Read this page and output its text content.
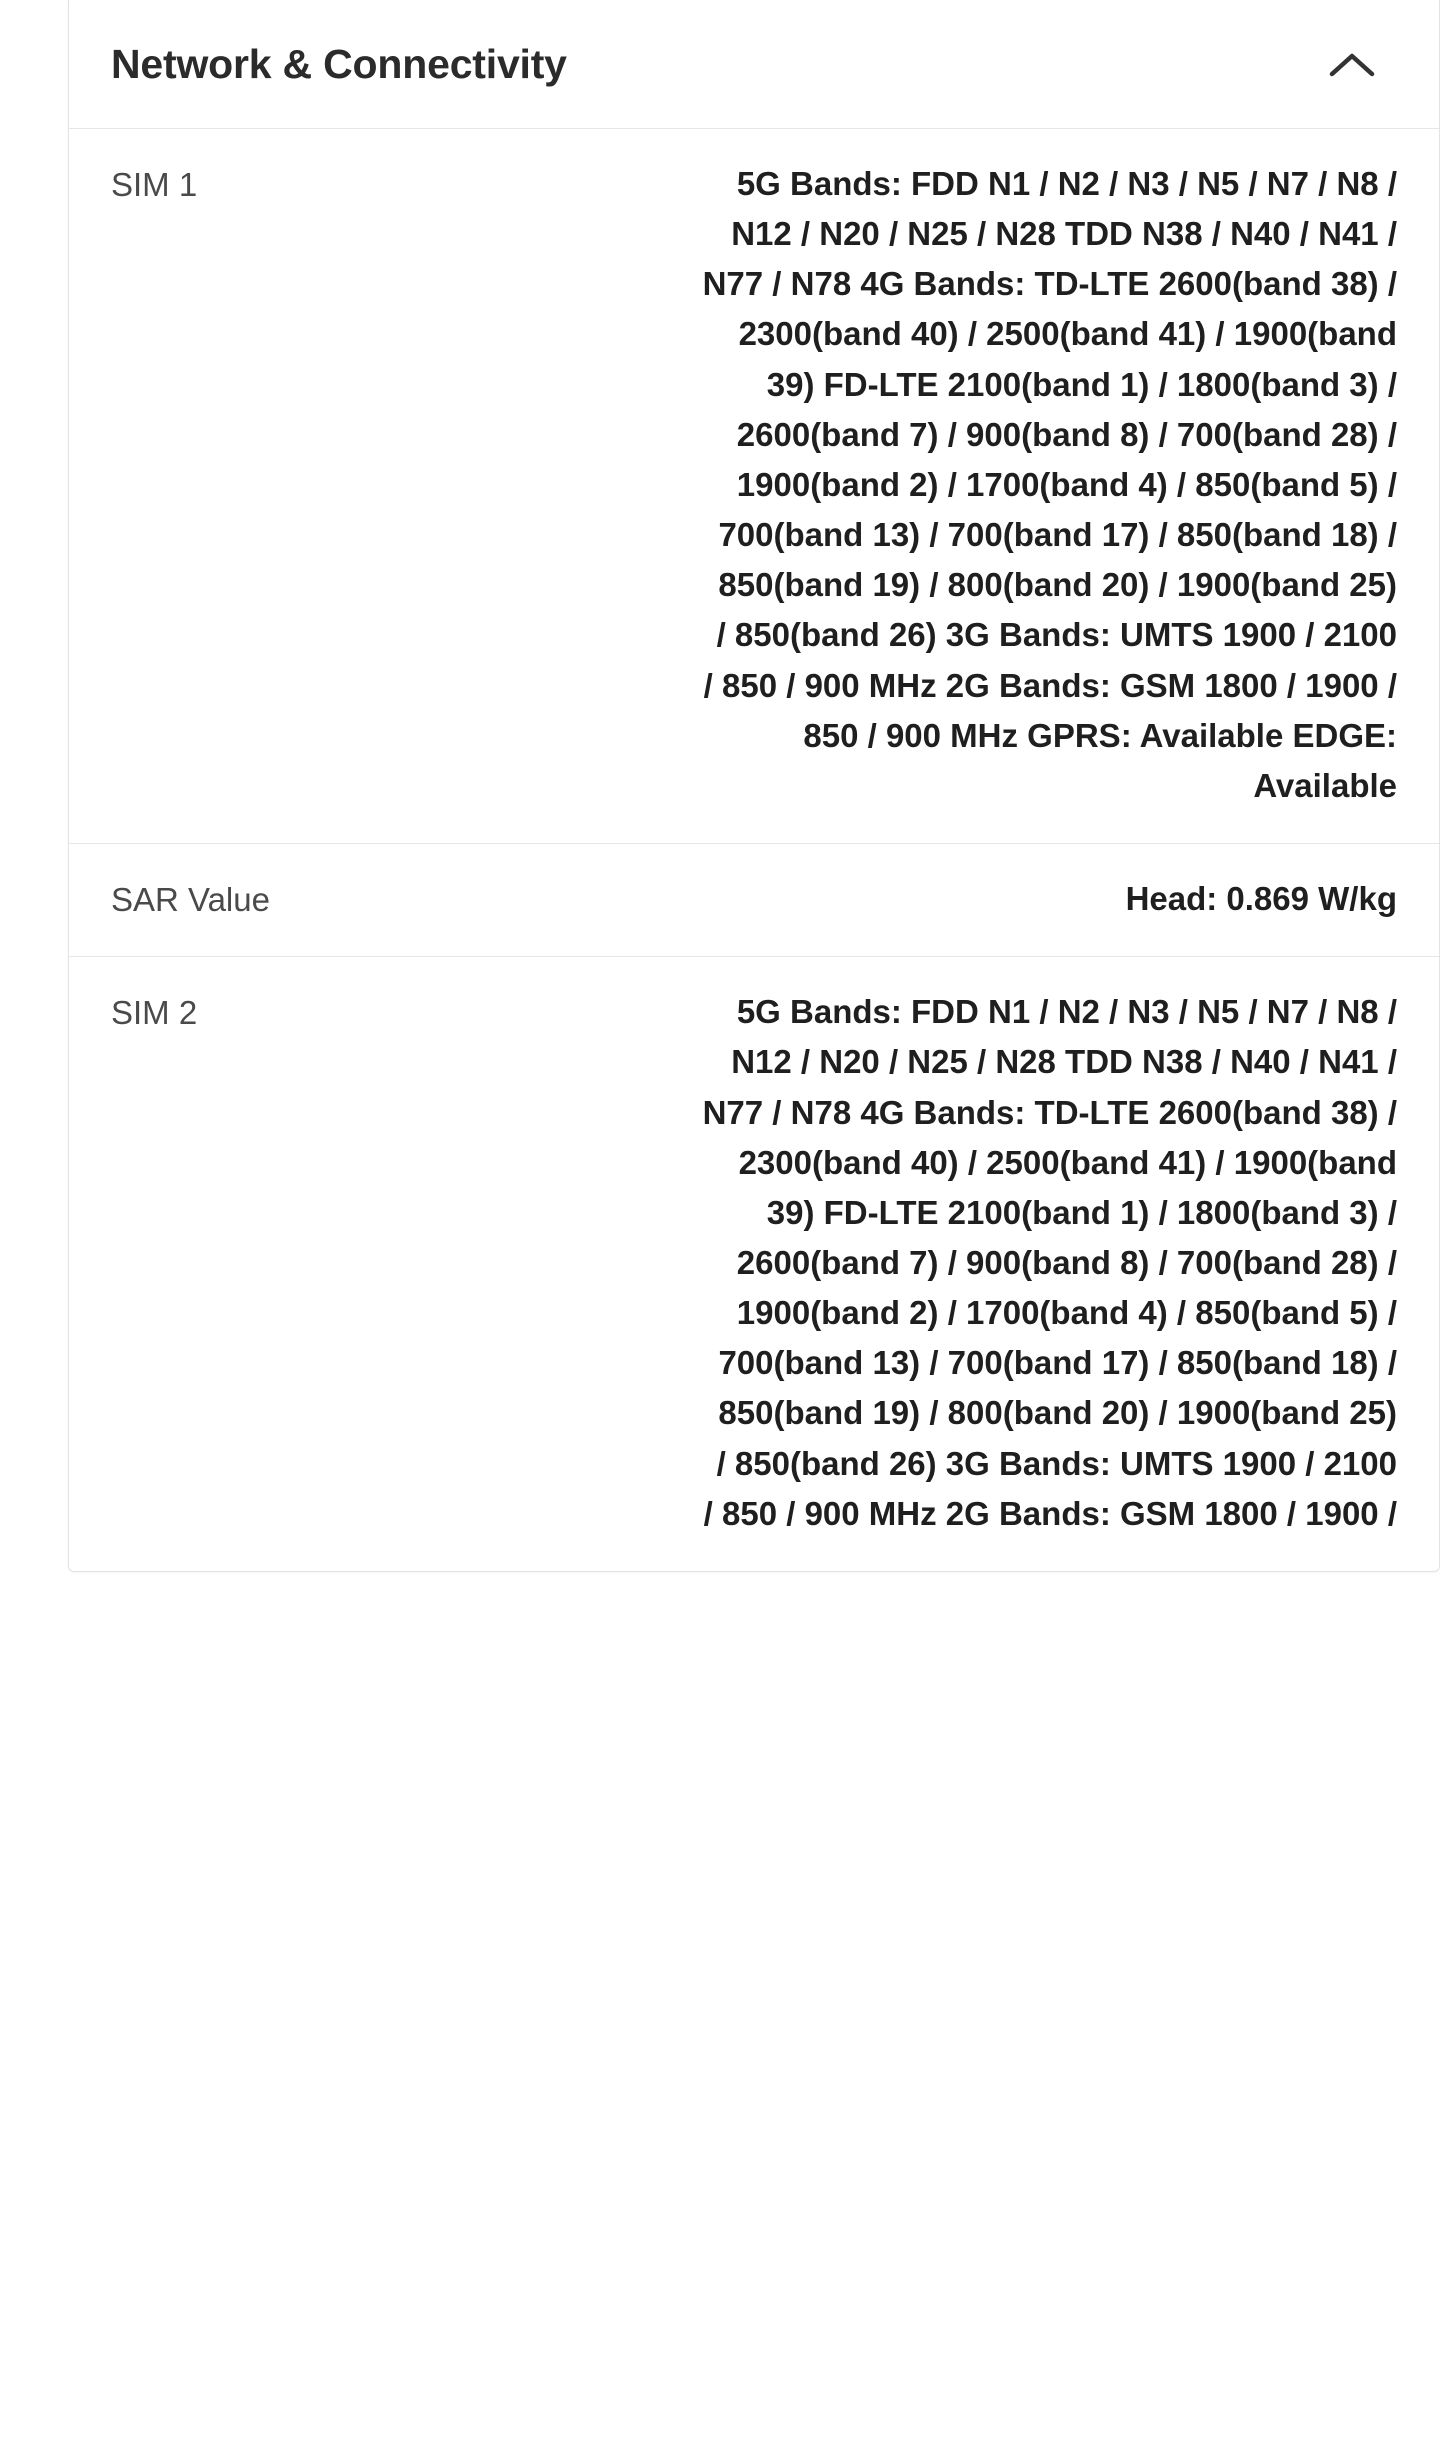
Network & Connectivity
SIM 1	5G Bands: FDD N1 / N2 / N3 / N5 / N7 / N8 / N12 / N20 / N25 / N28 TDD N38 / N40 / N41 / N77 / N78 4G Bands: TD-LTE 2600(band 38) / 2300(band 40) / 2500(band 41) / 1900(band 39) FD-LTE 2100(band 1) / 1800(band 3) / 2600(band 7) / 900(band 8) / 700(band 28) / 1900(band 2) / 1700(band 4) / 850(band 5) / 700(band 13) / 700(band 17) / 850(band 18) / 850(band 19) / 800(band 20) / 1900(band 25) / 850(band 26) 3G Bands: UMTS 1900 / 2100 / 850 / 900 MHz 2G Bands: GSM 1800 / 1900 / 850 / 900 MHz GPRS: Available EDGE: Available
SAR Value	Head: 0.869 W/kg
SIM 2	5G Bands: FDD N1 / N2 / N3 / N5 / N7 / N8 / N12 / N20 / N25 / N28 TDD N38 / N40 / N41 / N77 / N78 4G Bands: TD-LTE 2600(band 38) / 2300(band 40) / 2500(band 41) / 1900(band 39) FD-LTE 2100(band 1) / 1800(band 3) / 2600(band 7) / 900(band 8) / 700(band 28) / 1900(band 2) / 1700(band 4) / 850(band 5) / 700(band 13) / 700(band 17) / 850(band 18) / 850(band 19) / 800(band 20) / 1900(band 25) / 850(band 26) 3G Bands: UMTS 1900 / 2100 / 850 / 900 MHz 2G Bands: GSM 1800 / 1900 /
